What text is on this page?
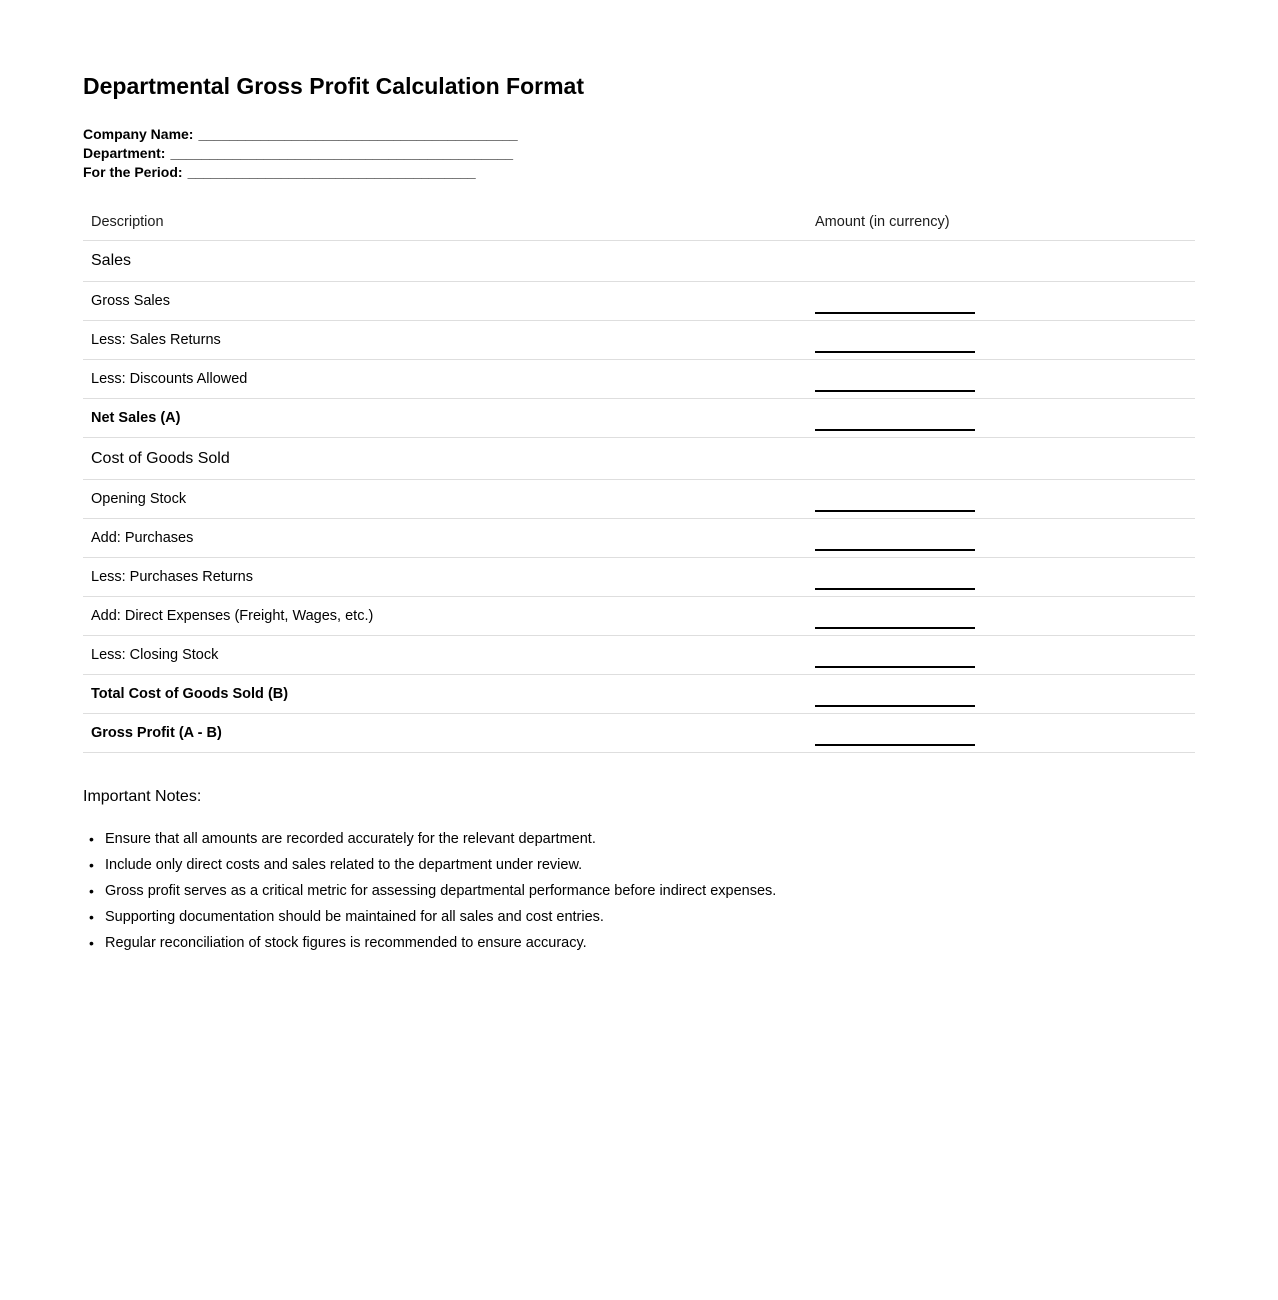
Departmental Gross Profit Calculation Format
Company Name: _________________________________________
Department: ____________________________________________
For the Period: _____________________________________
Description	Amount (in currency)
Sales
Gross Sales
Less: Sales Returns
Less: Discounts Allowed
Net Sales (A)
Cost of Goods Sold
Opening Stock
Add: Purchases
Less: Purchases Returns
Add: Direct Expenses (Freight, Wages, etc.)
Less: Closing Stock
Total Cost of Goods Sold (B)
Gross Profit (A - B)
Important Notes:
• Ensure that all amounts are recorded accurately for the relevant department.
• Include only direct costs and sales related to the department under review.
• Gross profit serves as a critical metric for assessing departmental performance before indirect expenses.
• Supporting documentation should be maintained for all sales and cost entries.
• Regular reconciliation of stock figures is recommended to ensure accuracy.
